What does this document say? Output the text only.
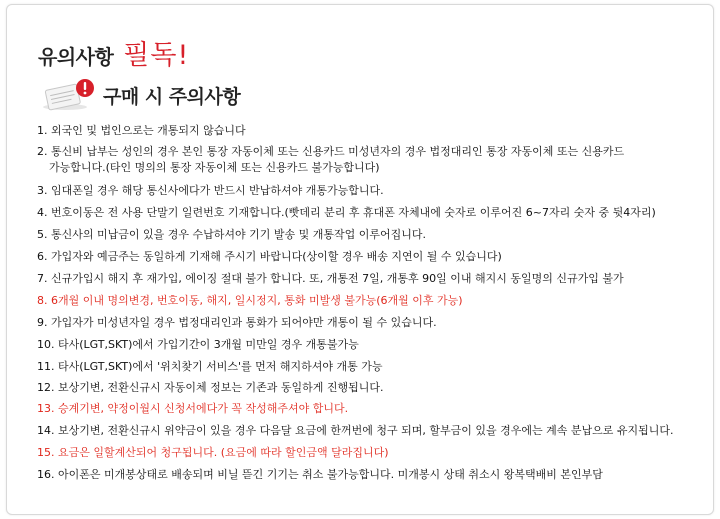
유의사항 필독!
구매 시 주의사항
1. 외국인 및 법인으로는 개통되지 않습니다
2. 통신비 납부는 성인의 경우 본인 통장 자동이체 또는 신용카드 미성년자의 경우 법정대리인 통장 자동이체 또는 신용카드
가능합니다.(타인 명의의 통장 자동이체 또는 신용카드 불가능합니다)
3. 임대폰일 경우 해당 통신사에다가 반드시 반납하셔야 개통가능합니다.
4. 번호이동은 전 사용 단말기 일련번호 기재합니다.(빳데리 분리 후 휴대폰 자체내에 숫자로 이루어진 6~7자리 숫자 중 뒷4자리)
5. 통신사의 미납금이 있을 경우 수납하셔야 기기 발송 및 개통작업 이루어집니다.
6. 가입자와 예금주는 동일하게 기재해 주시기 바랍니다(상이할 경우 배송 지연이 될 수 있습니다)
7. 신규가입시 해지 후 재가입, 에이징 절대 불가 합니다. 또, 개통전 7일, 개통후 90일 이내 해지시 동일명의 신규가입 불가
8. 6개월 이내 명의변경, 번호이동, 해지, 일시정지, 통화 미발생 불가능(6개월 이후 가능)
9. 가입자가 미성년자일 경우 법정대리인과 통화가 되어야만 개통이 될 수 있습니다.
10. 타사(LGT,SKT)에서 가입기간이 3개월 미만일 경우 개통불가능
11. 타사(LGT,SKT)에서 '위치찾기 서비스'를 먼저 해지하셔야 개통 가능
12. 보상기변, 전환신규시 자동이체 정보는 기존과 동일하게 진행됩니다.
13. 승계기변, 약정이월시 신청서에다가 꼭 작성해주셔야 합니다.
14. 보상기변, 전환신규시 위약금이 있을 경우 다음달 요금에 한꺼번에 청구 되며, 할부금이 있을 경우에는 계속 분납으로 유지됩니다.
15. 요금은 일할계산되어 청구됩니다. (요금에 따라 할인금액 달라집니다)
16. 아이폰은 미개봉상태로 배송되며 비닐 뜯긴 기기는 취소 불가능합니다. 미개봉시 상태 취소시 왕복택배비 본인부담
